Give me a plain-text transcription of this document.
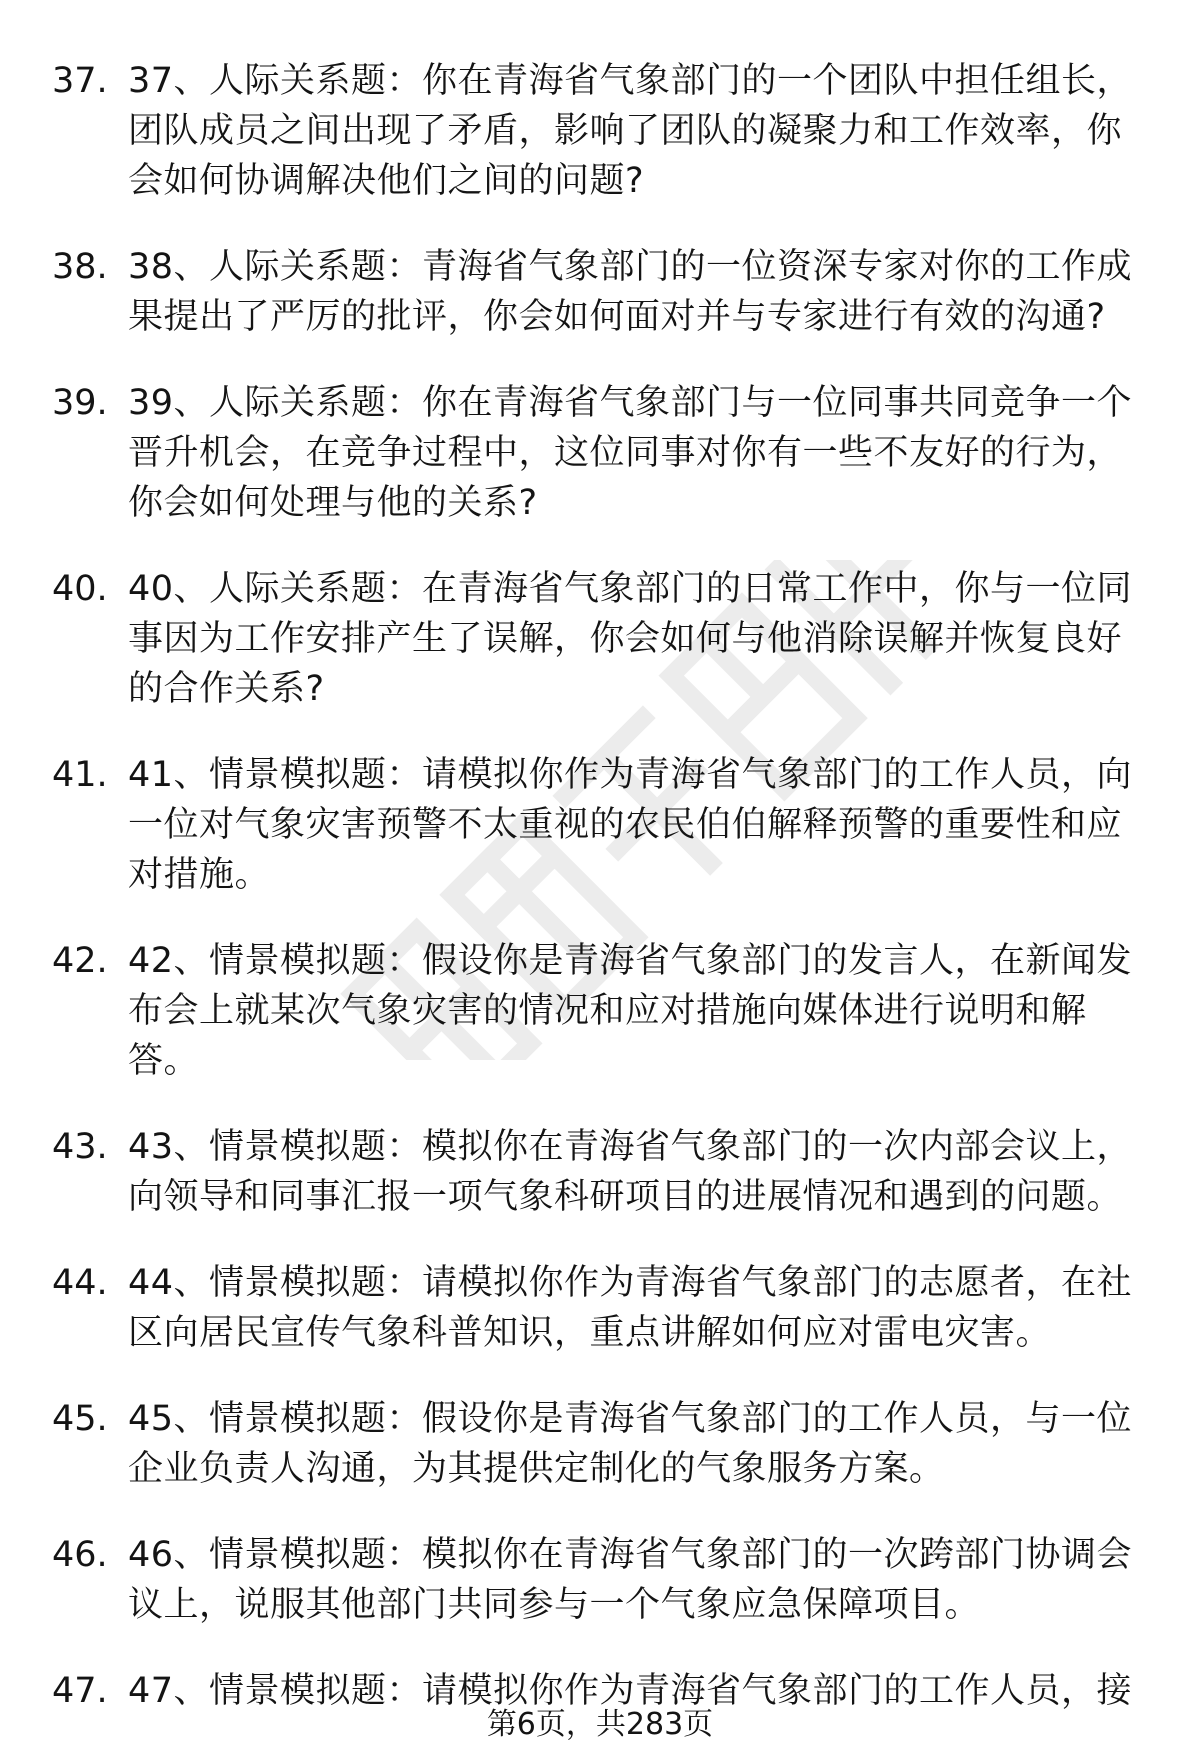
37. 37、人际关系题：你在青海省气象部门的一个团队中担任组长，团队成员之间出现了矛盾，影响了团队的凝聚力和工作效率，你会如何协调解决他们之间的问题?
38. 38、人际关系题：青海省气象部门的一位资深专家对你的工作成果提出了严厉的批评，你会如何面对并与专家进行有效的沟通?
39. 39、人际关系题：你在青海省气象部门与一位同事共同竞争一个晋升机会，在竞争过程中，这位同事对你有一些不友好的行为，你会如何处理与他的关系?
40. 40、人际关系题：在青海省气象部门的日常工作中，你与一位同事因为工作安排产生了误解，你会如何与他消除误解并恢复良好的合作关系?
41. 41、情景模拟题：请模拟你作为青海省气象部门的工作人员，向一位对气象灾害预警不太重视的农民伯伯解释预警的重要性和应对措施。
42. 42、情景模拟题：假设你是青海省气象部门的发言人，在新闻发布会上就某次气象灾害的情况和应对措施向媒体进行说明和解答。
43. 43、情景模拟题：模拟你在青海省气象部门的一次内部会议上，向领导和同事汇报一项气象科研项目的进展情况和遇到的问题。
44. 44、情景模拟题：请模拟你作为青海省气象部门的志愿者，在社区向居民宣传气象科普知识，重点讲解如何应对雷电灾害。
45. 45、情景模拟题：假设你是青海省气象部门的工作人员，与一位企业负责人沟通，为其提供定制化的气象服务方案。
46. 46、情景模拟题：模拟你在青海省气象部门的一次跨部门协调会议上，说服其他部门共同参与一个气象应急保障项目。
47. 47、情景模拟题：请模拟你作为青海省气象部门的工作人员，接
第6页，共283页
